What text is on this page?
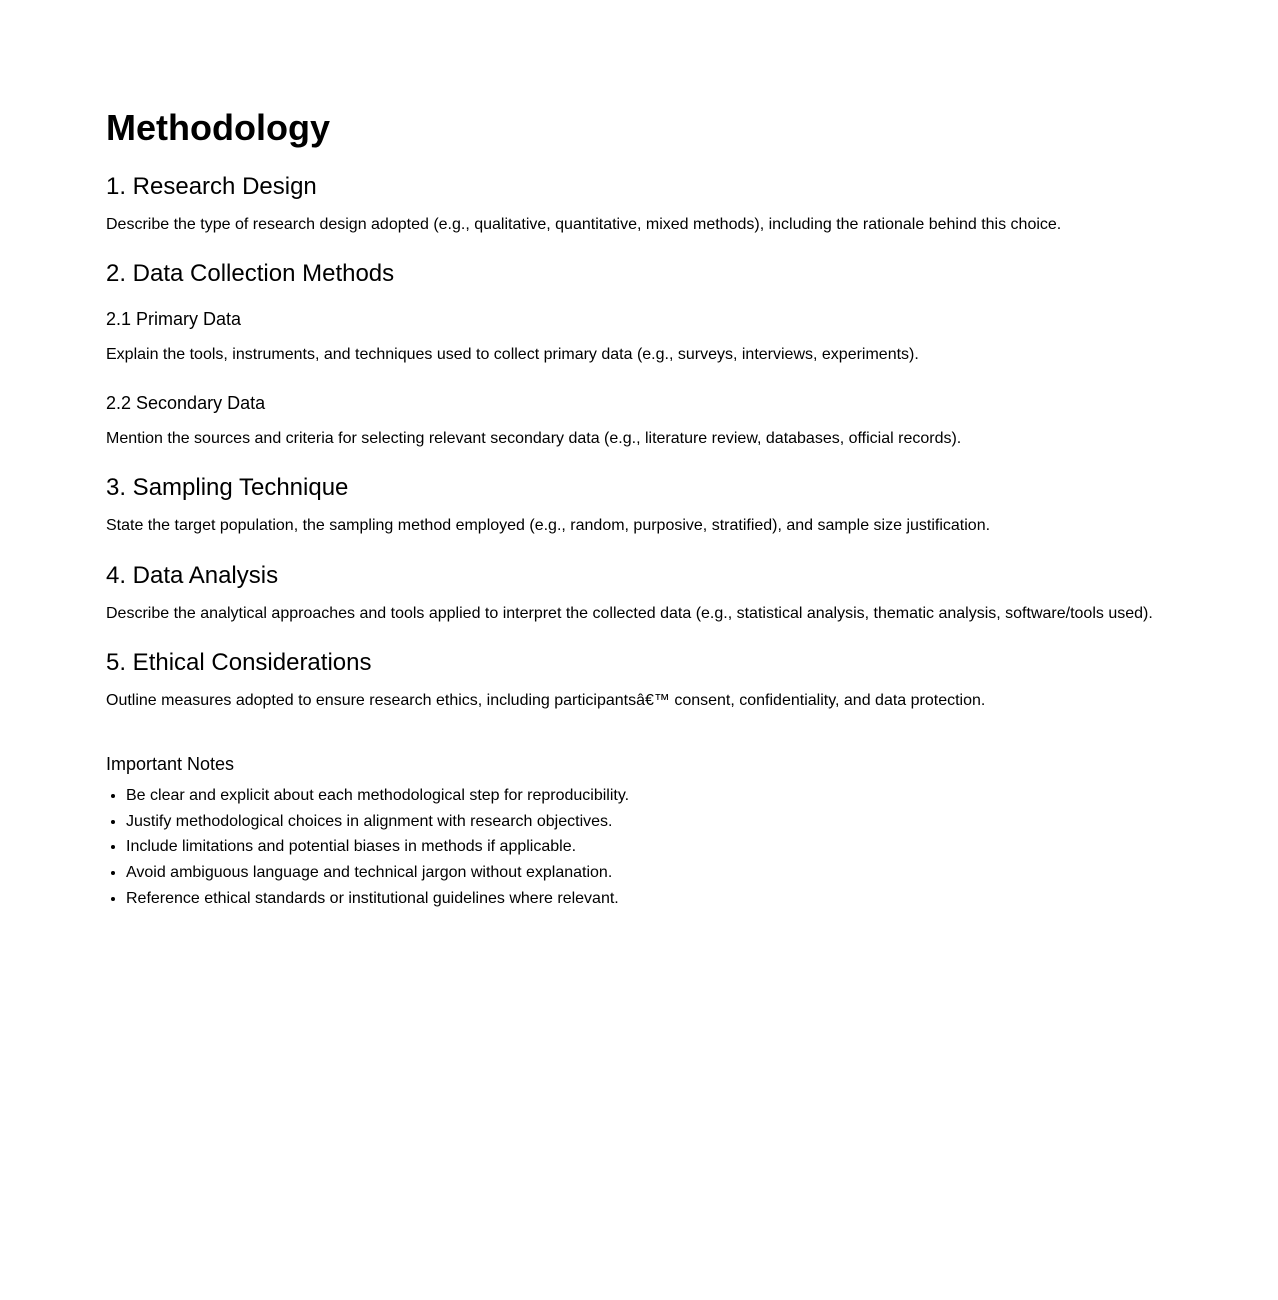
Methodology
1. Research Design

Describe the type of research design adopted (e.g., qualitative, quantitative, mixed methods), including the rationale behind this choice.

2. Data Collection Methods
2.1 Primary Data

Explain the tools, instruments, and techniques used to collect primary data (e.g., surveys, interviews, experiments).

2.2 Secondary Data

Mention the sources and criteria for selecting relevant secondary data (e.g., literature review, databases, official records).

3. Sampling Technique

State the target population, the sampling method employed (e.g., random, purposive, stratified), and sample size justification.

4. Data Analysis

Describe the analytical approaches and tools applied to interpret the collected data (e.g., statistical analysis, thematic analysis, software/tools used).

5. Ethical Considerations

Outline measures adopted to ensure research ethics, including participantsâ€™ consent, confidentiality, and data protection.

Important Notes
• Be clear and explicit about each methodological step for reproducibility.
• Justify methodological choices in alignment with research objectives.
• Include limitations and potential biases in methods if applicable.
• Avoid ambiguous language and technical jargon without explanation.
• Reference ethical standards or institutional guidelines where relevant.
